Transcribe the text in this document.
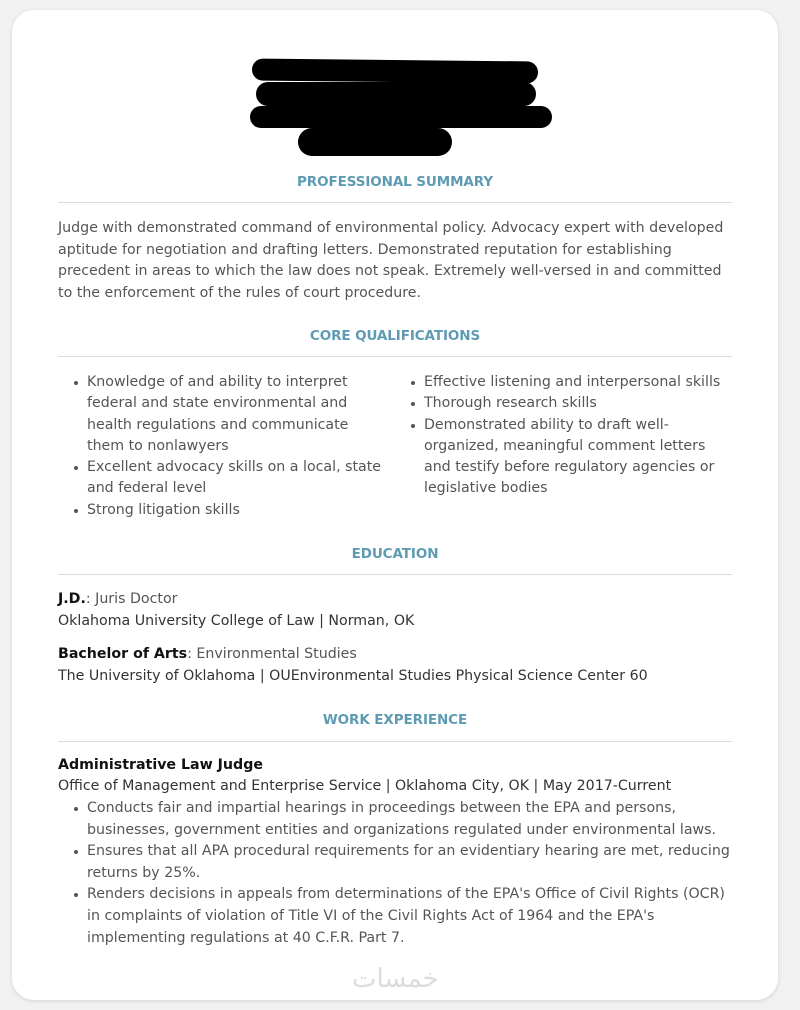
PROFESSIONAL SUMMARY

Judge with demonstrated command of environmental policy. Advocacy expert with developed aptitude for negotiation and drafting letters. Demonstrated reputation for establishing precedent in areas to which the law does not speak. Extremely well-versed in and committed to the enforcement of the rules of court procedure.

CORE QUALIFICATIONS
Knowledge of and ability to interpret federal and state environmental and health regulations and communicate them to nonlawyers
Excellent advocacy skills on a local, state and federal level
Strong litigation skills
Effective listening and interpersonal skills
Thorough research skills
Demonstrated ability to draft well-organized, meaningful comment letters and testify before regulatory agencies or legislative bodies
EDUCATION
J.D.: Juris Doctor
Oklahoma University College of Law | Norman, OK
Bachelor of Arts: Environmental Studies
The University of Oklahoma | OUEnvironmental Studies Physical Science Center 60
WORK EXPERIENCE
Administrative Law Judge
Office of Management and Enterprise Service | Oklahoma City, OK | May 2017-Current
Conducts fair and impartial hearings in proceedings between the EPA and persons, businesses, government entities and organizations regulated under environmental laws.
Ensures that all APA procedural requirements for an evidentiary hearing are met, reducing returns by 25%.
Renders decisions in appeals from determinations of the EPA's Office of Civil Rights (OCR) in complaints of violation of Title VI of the Civil Rights Act of 1964 and the EPA's implementing regulations at 40 C.F.R. Part 7.
خمسات
